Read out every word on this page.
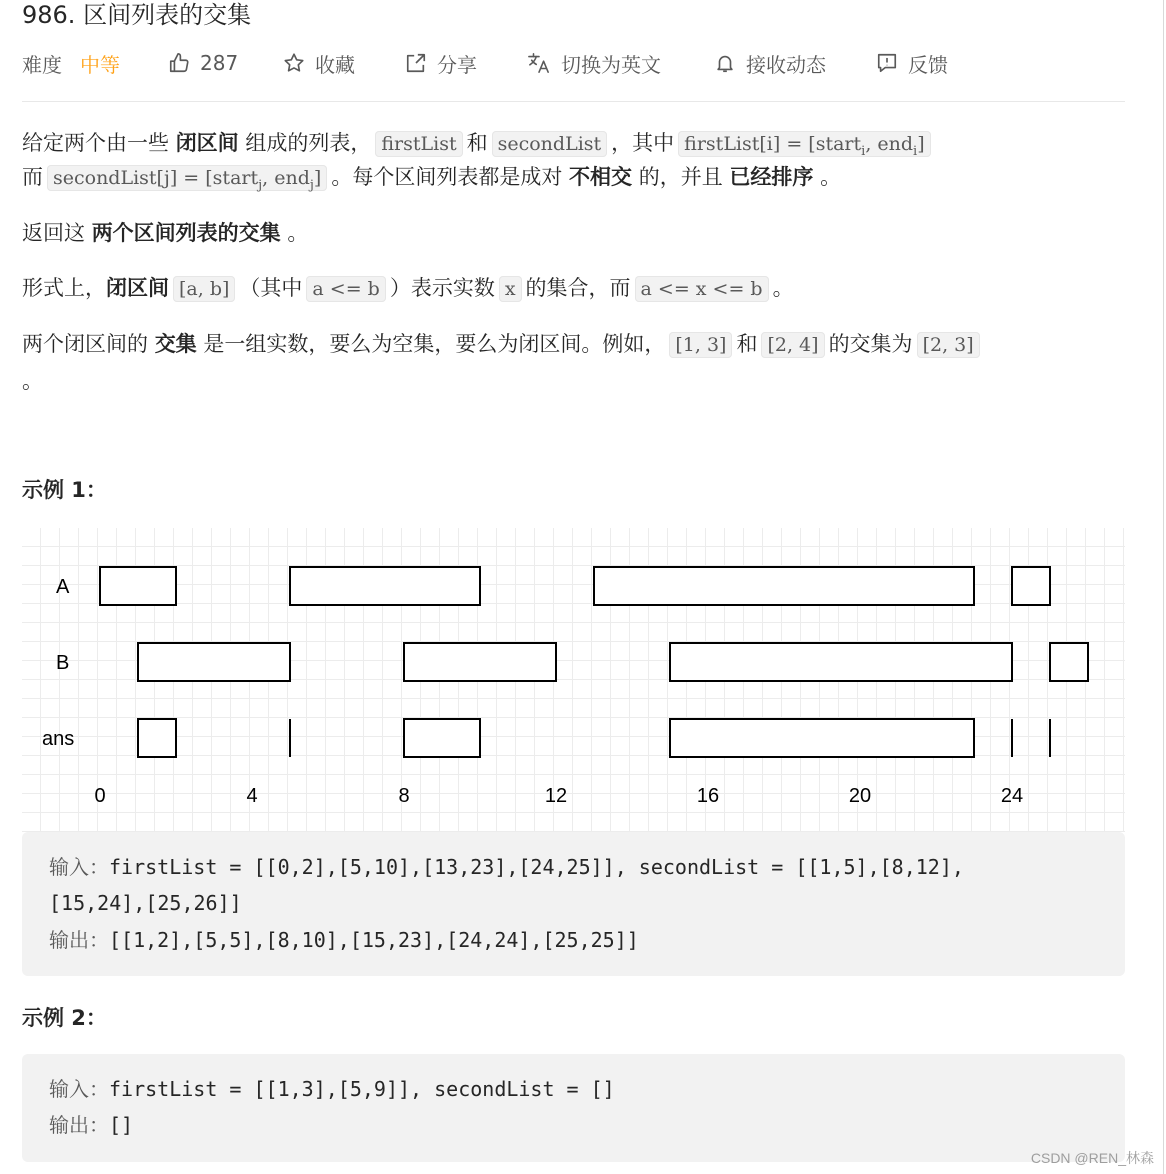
986. 区间列表的交集
难度 中等	287	收藏	分享	切换为英文	接收动态	反馈
给定两个由一些 闭区间 组成的列表， firstList 和 secondList ，其中 firstList[i] = [start$_i$, end$_i$]
而 secondList[j] = [start$_j$, end$_j$] 。每个区间列表都是成对 不相交 的，并且 已经排序 。
返回这 两个区间列表的交集 。
形式上，闭区间 [a, b] （其中 a <= b ）表示实数 x 的集合，而 a <= x <= b 。
两个闭区间的 交集 是一组实数，要么为空集，要么为闭区间。例如， [1, 3] 和 [2, 4] 的交集为 [2, 3]
。
示例 1：
A
B
ans
0	4	8	12	16	20	24
输入：firstList = [[0,2],[5,10],[13,23],[24,25]], secondList = [[1,5],[8,12],
[15,24],[25,26]]
输出：[[1,2],[5,5],[8,10],[15,23],[24,24],[25,25]]
示例 2：
输入：firstList = [[1,3],[5,9]], secondList = []
输出：[]
CSDN @REN_林森
